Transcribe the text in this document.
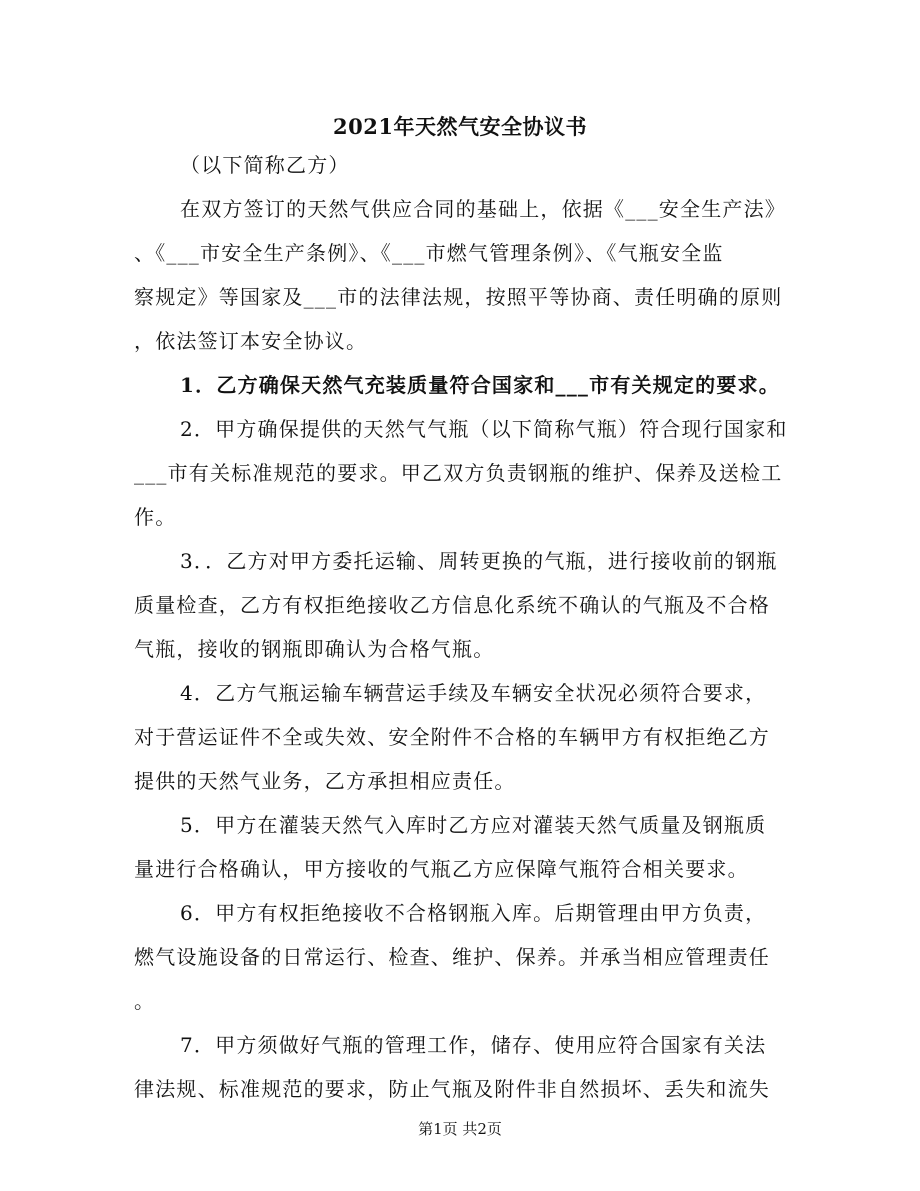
2021年天然气安全协议书
（以下简称乙方）
在双方签订的天然气供应合同的基础上，依据《___安全生产法》
、《___市安全生产条例》、《___市燃气管理条例》、《气瓶安全监
察规定》等国家及___市的法律法规，按照平等协商、责任明确的原则
，依法签订本安全协议。
1．乙方确保天然气充装质量符合国家和___市有关规定的要求。
2．甲方确保提供的天然气气瓶（以下简称气瓶）符合现行国家和
___市有关标准规范的要求。甲乙双方负责钢瓶的维护、保养及送检工
作。
3．．乙方对甲方委托运输、周转更换的气瓶，进行接收前的钢瓶
质量检查，乙方有权拒绝接收乙方信息化系统不确认的气瓶及不合格
气瓶，接收的钢瓶即确认为合格气瓶。
4．乙方气瓶运输车辆营运手续及车辆安全状况必须符合要求，
对于营运证件不全或失效、安全附件不合格的车辆甲方有权拒绝乙方
提供的天然气业务，乙方承担相应责任。
5．甲方在灌装天然气入库时乙方应对灌装天然气质量及钢瓶质
量进行合格确认，甲方接收的气瓶乙方应保障气瓶符合相关要求。
6．甲方有权拒绝接收不合格钢瓶入库。后期管理由甲方负责，
燃气设施设备的日常运行、检查、维护、保养。并承当相应管理责任
。
7．甲方须做好气瓶的管理工作，储存、使用应符合国家有关法
律法规、标准规范的要求，防止气瓶及附件非自然损坏、丢失和流失
第1页 共2页
